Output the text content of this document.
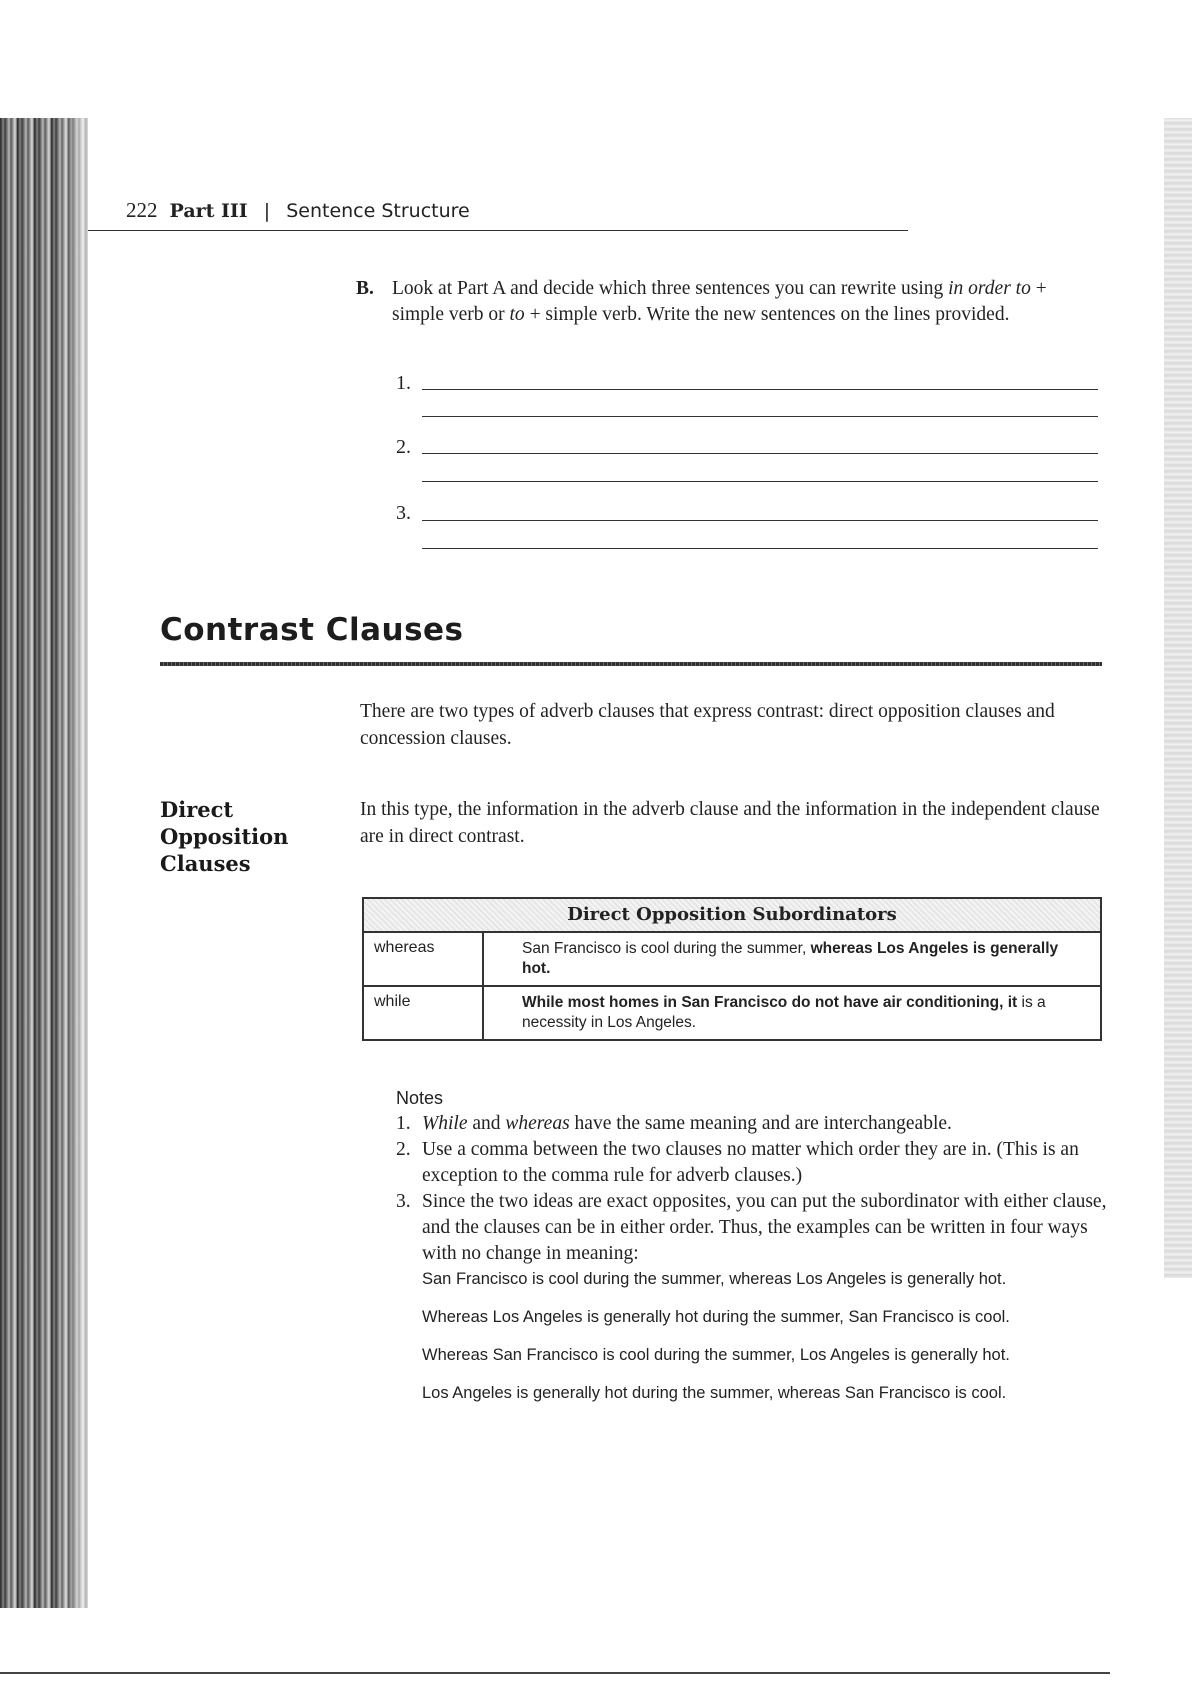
222 Part III | Sentence Structure
B. Look at Part A and decide which three sentences you can rewrite using in order to + simple verb or to + simple verb. Write the new sentences on the lines provided.
1.
2.
3.
Contrast Clauses
There are two types of adverb clauses that express contrast: direct opposition clauses and concession clauses.
Direct
Opposition
Clauses
In this type, the information in the adverb clause and the information in the independent clause are in direct contrast.
Direct Opposition Subordinators
whereas	San Francisco is cool during the summer, whereas Los Angeles is generally hot.
while	While most homes in San Francisco do not have air conditioning, it is a necessity in Los Angeles.
Notes
1. While and whereas have the same meaning and are interchangeable.
2. Use a comma between the two clauses no matter which order they are in. (This is an exception to the comma rule for adverb clauses.)
3. Since the two ideas are exact opposites, you can put the subordinator with either clause, and the clauses can be in either order. Thus, the examples can be written in four ways with no change in meaning:
San Francisco is cool during the summer, whereas Los Angeles is generally hot.
Whereas Los Angeles is generally hot during the summer, San Francisco is cool.
Whereas San Francisco is cool during the summer, Los Angeles is generally hot.
Los Angeles is generally hot during the summer, whereas San Francisco is cool.
